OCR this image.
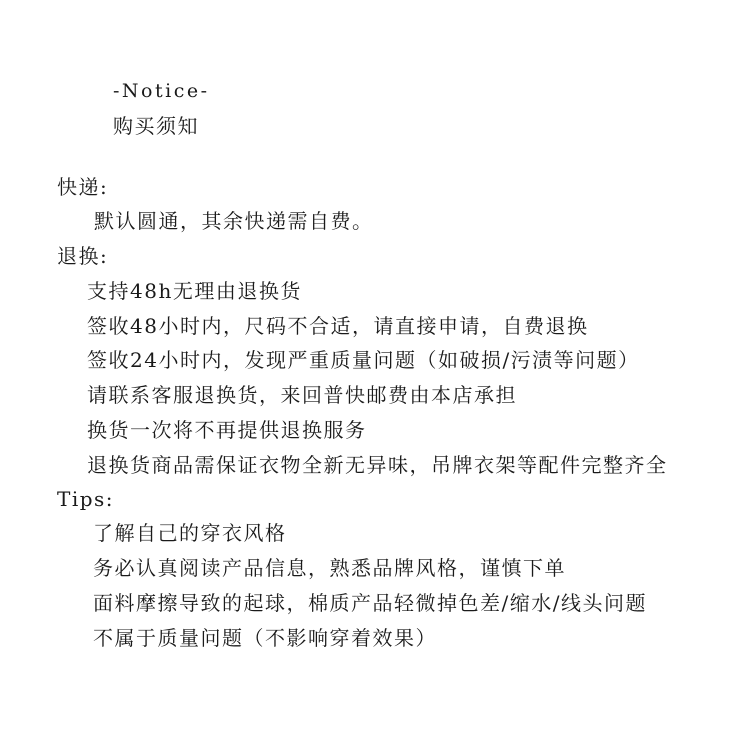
-Notice-
购买须知
快递:
默认圆通，其余快递需自费。
退换:
支持48h无理由退换货
签收48小时内，尺码不合适，请直接申请，自费退换
签收24小时内，发现严重质量问题（如破损/污渍等问题）
请联系客服退换货，来回普快邮费由本店承担
换货一次将不再提供退换服务
退换货商品需保证衣物全新无异味，吊牌衣架等配件完整齐全
Tips:
了解自己的穿衣风格
务必认真阅读产品信息，熟悉品牌风格，谨慎下单
面料摩擦导致的起球，棉质产品轻微掉色差/缩水/线头问题
不属于质量问题（不影响穿着效果）
